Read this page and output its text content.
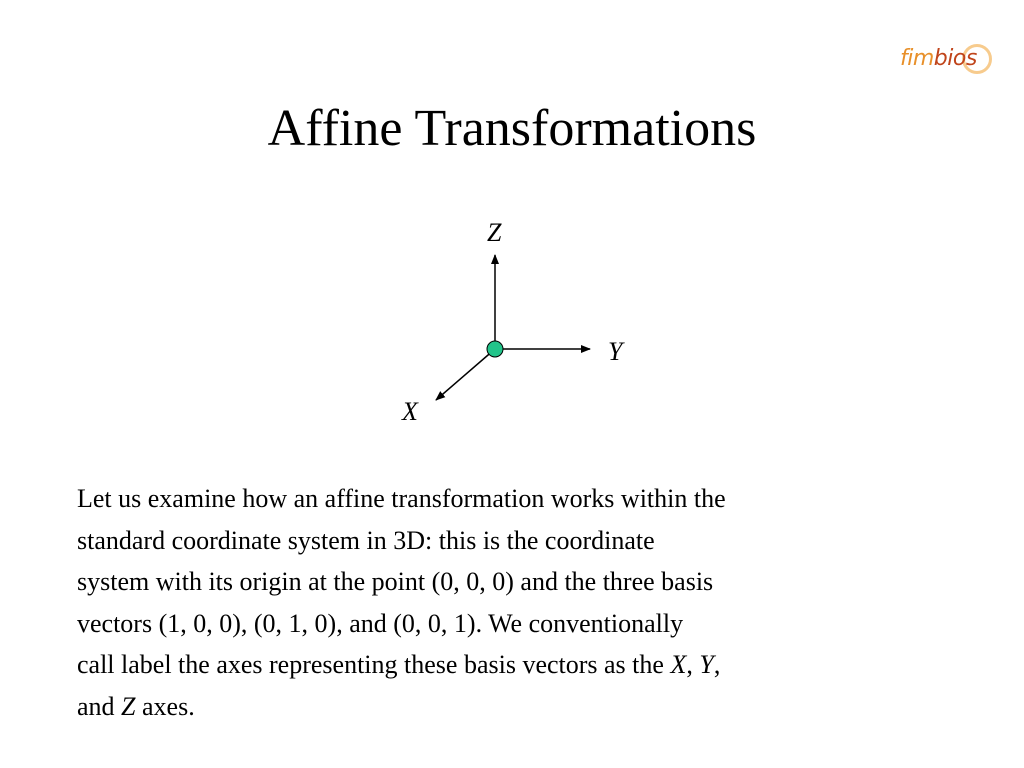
fimbios
Affine Transformations
Z
Y
X

Let us examine how an affine transformation works within the

standard coordinate system in 3D: this is the coordinate

system with its origin at the point (0, 0, 0) and the three basis

vectors (1, 0, 0), (0, 1, 0), and (0, 0, 1). We conventionally

call label the axes representing these basis vectors as the X, Y,

and Z axes.
